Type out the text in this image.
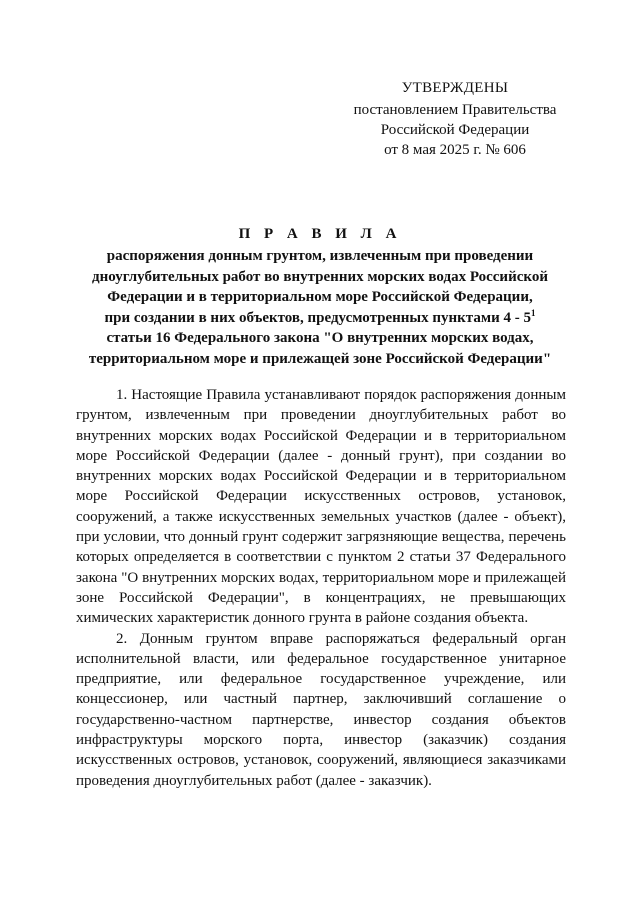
УТВЕРЖДЕНЫ
постановлением Правительства
Российской Федерации
от 8 мая 2025 г. № 606
П Р А В И Л А
распоряжения донным грунтом, извлеченным при проведении
дноуглубительных работ во внутренних морских водах Российской
Федерации и в территориальном море Российской Федерации,
при создании в них объектов, предусмотренных пунктами $4 - 5^1$
статьи 16 Федерального закона "О внутренних морских водах,
территориальном море и прилежащей зоне Российской Федерации"

1. Настоящие Правила устанавливают порядок распоряжения донным грунтом, извлеченным при проведении дноуглубительных работ во внутренних морских водах Российской Федерации и в территориальном море Российской Федерации (далее - донный грунт), при создании во внутренних морских водах Российской Федерации и в территориальном море Российской Федерации искусственных островов, установок, сооружений, а также искусственных земельных участков (далее - объект), при условии, что донный грунт содержит загрязняющие вещества, перечень которых определяется в соответствии с пунктом 2 статьи 37 Федерального закона "О внутренних морских водах, территориальном море и прилежащей зоне Российской Федерации", в концентрациях, не превышающих химических характеристик донного грунта в районе создания объекта.

2. Донным грунтом вправе распоряжаться федеральный орган исполнительной власти, или федеральное государственное унитарное предприятие, или федеральное государственное учреждение, или концессионер, или частный партнер, заключивший соглашение о государственно-частном партнерстве, инвестор создания объектов инфраструктуры морского порта, инвестор (заказчик) создания искусственных островов, установок, сооружений, являющиеся заказчиками проведения дноуглубительных работ (далее - заказчик).
